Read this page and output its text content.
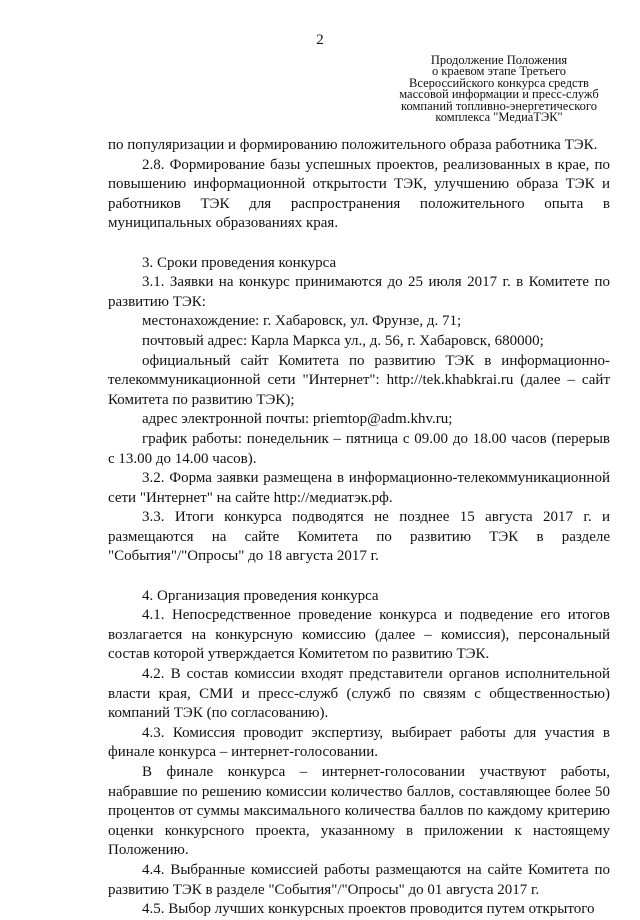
2
Продолжение Положения
о краевом этапе Третьего
Всероссийского конкурса средств
массовой информации и пресс-служб
компаний топливно-энергетического
комплекса "МедиаТЭК"

по популяризации и формированию положительного образа работника ТЭК.

2.8. Формирование базы успешных проектов, реализованных в крае, по повышению информационной открытости ТЭК, улучшению образа ТЭК и работников ТЭК для распространения положительного опыта в муниципальных образованиях края.

3. Сроки проведения конкурса

3.1. Заявки на конкурс принимаются до 25 июля 2017 г. в Комитете по развитию ТЭК:

местонахождение: г. Хабаровск, ул. Фрунзе, д. 71;

почтовый адрес: Карла Маркса ул., д. 56, г. Хабаровск, 680000;

официальный сайт Комитета по развитию ТЭК в информационно-телекоммуникационной сети "Интернет": http://tek.khabkrai.ru (далее – сайт Комитета по развитию ТЭК);

адрес электронной почты: priemtop@adm.khv.ru;

график работы: понедельник – пятница с 09.00 до 18.00 часов (перерыв с 13.00 до 14.00 часов).

3.2. Форма заявки размещена в информационно-телекоммуникационной сети "Интернет" на сайте http://медиатэк.рф.

3.3. Итоги конкурса подводятся не позднее 15 августа 2017 г. и размещаются на сайте Комитета по развитию ТЭК в разделе "События"/"Опросы" до 18 августа 2017 г.

4. Организация проведения конкурса

4.1. Непосредственное проведение конкурса и подведение его итогов возлагается на конкурсную комиссию (далее – комиссия), персональный состав которой утверждается Комитетом по развитию ТЭК.

4.2. В состав комиссии входят представители органов исполнительной власти края, СМИ и пресс-служб (служб по связям с общественностью) компаний ТЭК (по согласованию).

4.3. Комиссия проводит экспертизу, выбирает работы для участия в финале конкурса – интернет-голосовании.

В финале конкурса – интернет-голосовании участвуют работы, набравшие по решению комиссии количество баллов, составляющее более 50 процентов от суммы максимального количества баллов по каждому критерию оценки конкурсного проекта, указанному в приложении к настоящему Положению.

4.4. Выбранные комиссией работы размещаются на сайте Комитета по развитию ТЭК в разделе "События"/"Опросы" до 01 августа 2017 г.

4.5. Выбор лучших конкурсных проектов проводится путем открытого
